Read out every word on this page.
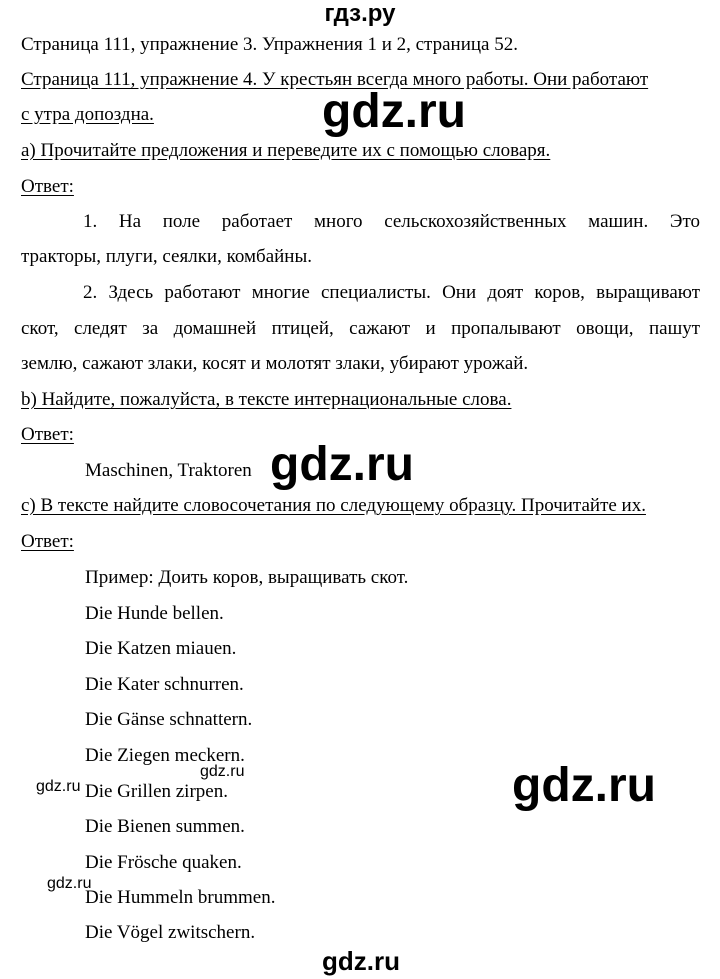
гдз.ру
Страница 111, упражнение 3. Упражнения 1 и 2, страница 52.
Страница 111, упражнение 4. У крестьян всегда много работы. Они работают
с утра допоздна.
a) Прочитайте предложения и переведите их с помощью словаря.
Ответ:
1. На поле работает много сельскохозяйственных машин. Это
тракторы, плуги, сеялки, комбайны.
2. Здесь работают многие специалисты. Они доят коров, выращивают
скот, следят за домашней птицей, сажают и пропалывают овощи, пашут
землю, сажают злаки, косят и молотят злаки, убирают урожай.
b) Найдите, пожалуйста, в тексте интернациональные слова.
Ответ:
Maschinen, Traktoren
c) В тексте найдите словосочетания по следующему образцу. Прочитайте их.
Ответ:
Пример: Доить коров, выращивать скот.
Die Hunde bellen.
Die Katzen miauen.
Die Kater schnurren.
Die Gänse schnattern.
Die Ziegen meckern.
Die Grillen zirpen.
Die Bienen summen.
Die Frösche quaken.
Die Hummeln brummen.
Die Vögel zwitschern.
gdz.ru
gdz.ru
gdz.ru
gdz.ru
gdz.ru
gdz.ru
gdz.ru
